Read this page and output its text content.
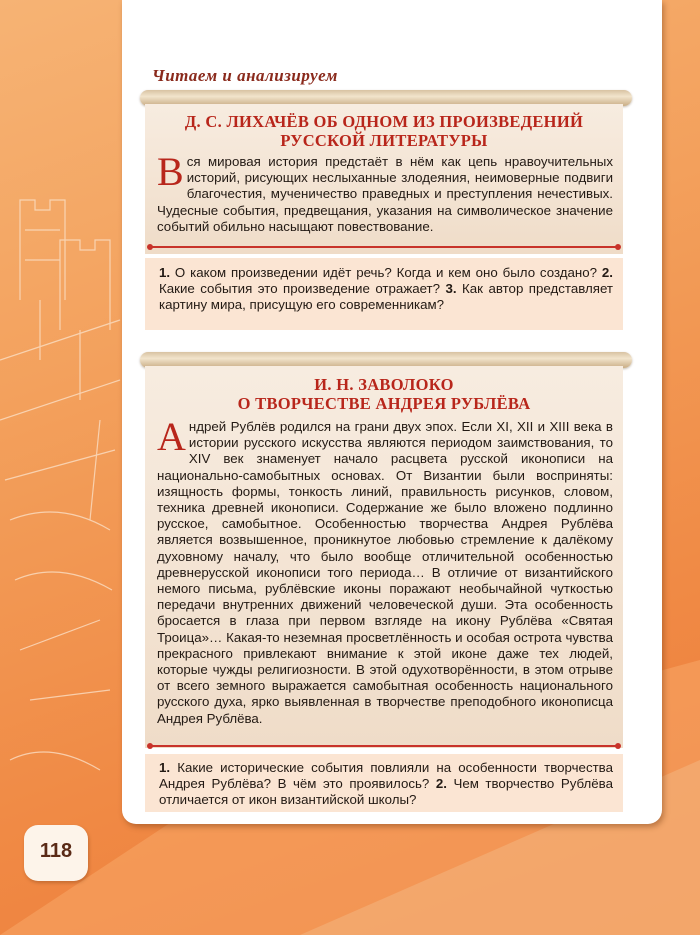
Читаем и анализируем
Д. С. ЛИХАЧЁВ ОБ ОДНОМ ИЗ ПРОИЗВЕДЕНИЙ
РУССКОЙ ЛИТЕРАТУРЫ
Вся мировая история предстаёт в нём как цепь нравоучительных историй, рисующих неслыханные злодеяния, неимоверные подвиги благочестия, мученичество праведных и преступления нечестивых. Чудесные события, предвещания, указания на символическое значение событий обильно насыщают повествование.
1. О каком произведении идёт речь? Когда и кем оно было создано? 2. Какие события это произведение отражает? 3. Как автор представляет картину мира, присущую его современникам?
И. Н. ЗАВОЛОКО
О ТВОРЧЕСТВЕ АНДРЕЯ РУБЛЁВА
Андрей Рублёв родился на грани двух эпох. Если XI, XII и XIII века в истории русского искусства являются периодом заимствования, то XIV век знаменует начало расцвета русской иконописи на национально-самобытных основах. От Византии были восприняты: изящность формы, тонкость линий, правильность рисунков, словом, техника древней иконописи. Содержание же было вложено подлинно русское, самобытное. Особенностью творчества Андрея Рублёва является возвышенное, проникнутое любовью стремление к далёкому духовному началу, что было вообще отличительной особенностью древнерусской иконописи того периода… В отличие от византийского немого письма, рублёвские иконы поражают необычайной чуткостью передачи внутренних движений человеческой души. Эта особенность бросается в глаза при первом взгляде на икону Рублёва «Святая Троица»… Какая-то неземная просветлённость и особая острота чувства прекрасного привлекают внимание к этой иконе даже тех людей, которые чужды религиозности. В этой одухотворённости, в этом отрыве от всего земного выражается самобытная особенность национального русского духа, ярко выявленная в творчестве преподобного иконописца Андрея Рублёва.
1. Какие исторические события повлияли на особенности творчества Андрея Рублёва? В чём это проявилось? 2. Чем творчество Рублёва отличается от икон византийской школы?
118
